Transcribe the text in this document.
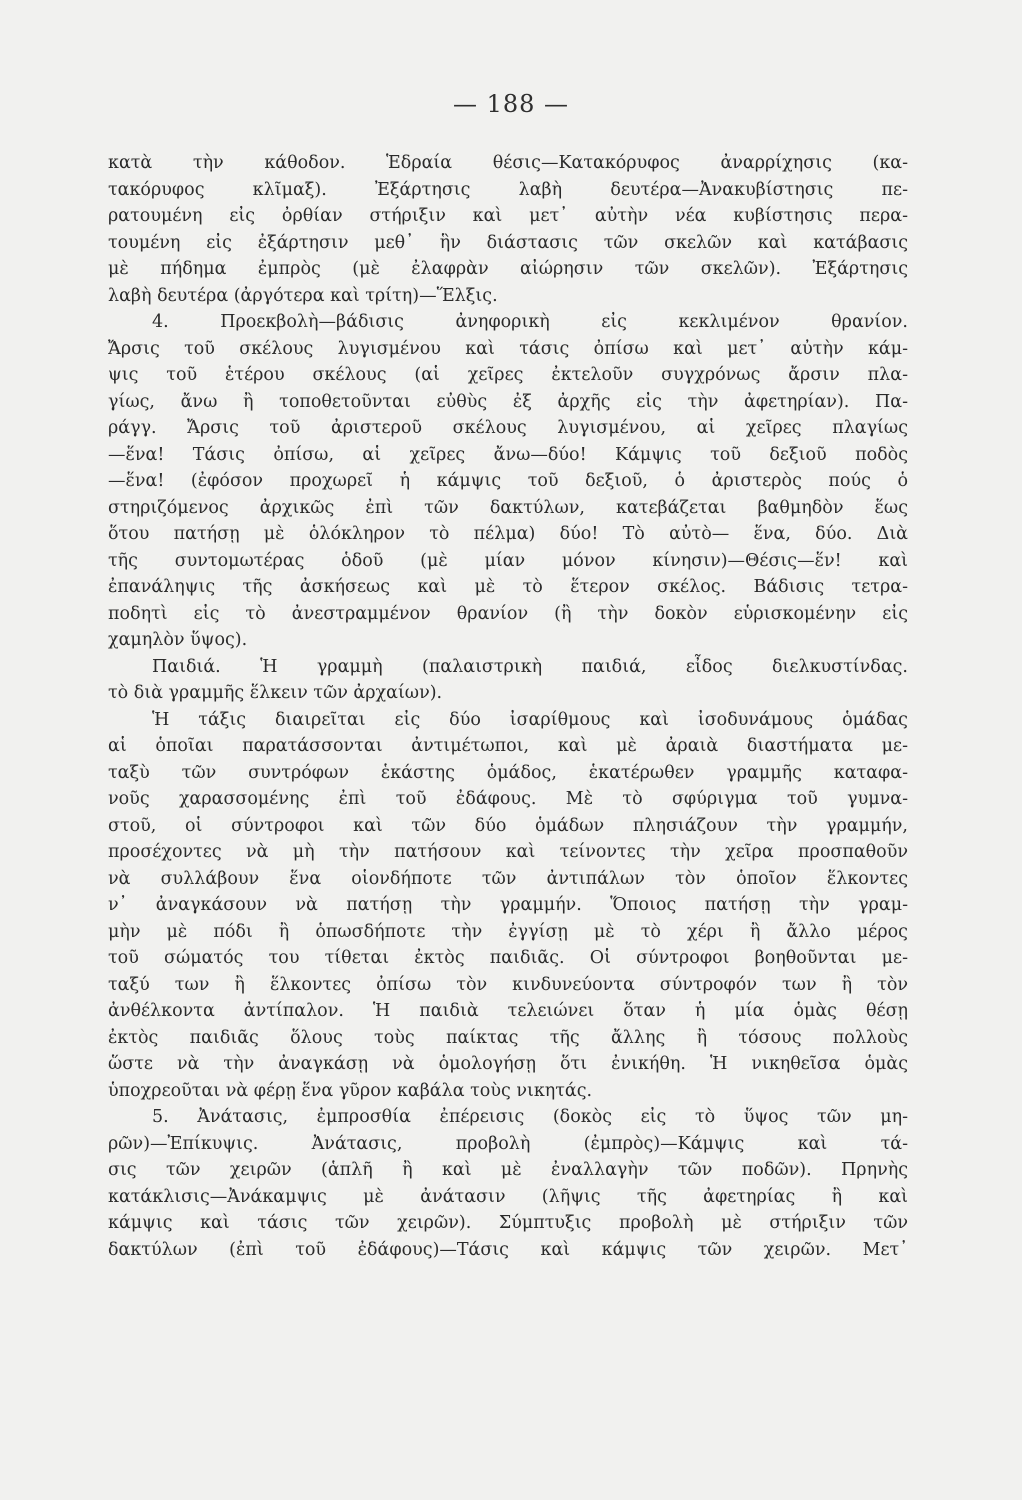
— 188 —
κατὰ τὴν κάθοδον. Ἑδραία θέσις—Κατακόρυφος ἀναρρίχησις (κα-
τακόρυφος κλῖμαξ). Ἐξάρτησις λαβὴ δευτέρα—Ἀνακυβίστησις πε-
ρατουμένη εἰς ὀρθίαν στήριξιν καὶ μετ᾽ αὐτὴν νέα κυβίστησις περα-
τουμένη εἰς ἐξάρτησιν μεθ᾽ ἣν διάστασις τῶν σκελῶν καὶ κατάβασις
μὲ πήδημα ἐμπρὸς (μὲ ἐλαφρὰν αἰώρησιν τῶν σκελῶν). Ἐξάρτησις
λαβὴ δευτέρα (ἀργότερα καὶ τρίτη)—Ἕλξις.
4. Προεκβολὴ—βάδισις ἀνηφορικὴ εἰς κεκλιμένον θρανίον.
Ἄρσις τοῦ σκέλους λυγισμένου καὶ τάσις ὀπίσω καὶ μετ᾽ αὐτὴν κάμ-
ψις τοῦ ἑτέρου σκέλους (αἱ χεῖρες ἐκτελοῦν συγχρόνως ἄρσιν πλα-
γίως, ἄνω ἢ τοποθετοῦνται εὐθὺς ἐξ ἀρχῆς εἰς τὴν ἀφετηρίαν). Πα-
ράγγ. Ἄρσις τοῦ ἀριστεροῦ σκέλους λυγισμένου, αἱ χεῖρες πλαγίως
—ἕνα! Τάσις ὀπίσω, αἱ χεῖρες ἄνω—δύο! Κάμψις τοῦ δεξιοῦ ποδὸς
—ἕνα! (ἐφόσον προχωρεῖ ἡ κάμψις τοῦ δεξιοῦ, ὁ ἀριστερὸς πούς ὁ
στηριζόμενος ἀρχικῶς ἐπὶ τῶν δακτύλων, κατεβάζεται βαθμηδὸν ἕως
ὅτου πατήσῃ μὲ ὁλόκληρον τὸ πέλμα) δύο! Τὸ αὐτὸ— ἕνα, δύο. Διὰ
τῆς συντομωτέρας ὁδοῦ (μὲ μίαν μόνον κίνησιν)—Θέσις—ἕν! καὶ
ἐπανάληψις τῆς ἀσκήσεως καὶ μὲ τὸ ἕτερον σκέλος. Βάδισις τετρα-
ποδητὶ εἰς τὸ ἀνεστραμμένον θρανίον (ἢ τὴν δοκὸν εὑρισκομένην εἰς
χαμηλὸν ὕψος).
Παιδιά. Ἡ γραμμὴ (παλαιστρικὴ παιδιά, εἶδος διελκυστίνδας.
τὸ διὰ γραμμῆς ἕλκειν τῶν ἀρχαίων).
Ἡ τάξις διαιρεῖται εἰς δύο ἰσαρίθμους καὶ ἰσοδυνάμους ὁμάδας
αἱ ὁποῖαι παρατάσσονται ἀντιμέτωποι, καὶ μὲ ἀραιὰ διαστήματα με-
ταξὺ τῶν συντρόφων ἑκάστης ὁμάδος, ἑκατέρωθεν γραμμῆς καταφα-
νοῦς χαρασσομένης ἐπὶ τοῦ ἐδάφους. Μὲ τὸ σφύριγμα τοῦ γυμνα-
στοῦ, οἱ σύντροφοι καὶ τῶν δύο ὁμάδων πλησιάζουν τὴν γραμμήν,
προσέχοντες νὰ μὴ τὴν πατήσουν καὶ τείνοντες τὴν χεῖρα προσπαθοῦν
νὰ συλλάβουν ἕνα οἱονδήποτε τῶν ἀντιπάλων τὸν ὁποῖον ἕλκοντες
ν᾽ ἀναγκάσουν νὰ πατήσῃ τὴν γραμμήν. Ὅποιος πατήσῃ τὴν γραμ-
μὴν μὲ πόδι ἢ ὁπωσδήποτε τὴν ἐγγίσῃ μὲ τὸ χέρι ἢ ἄλλο μέρος
τοῦ σώματός του τίθεται ἐκτὸς παιδιᾶς. Οἱ σύντροφοι βοηθοῦνται με-
ταξύ των ἢ ἕλκοντες ὀπίσω τὸν κινδυνεύοντα σύντροφόν των ἢ τὸν
ἀνθέλκοντα ἀντίπαλον. Ἡ παιδιὰ τελειώνει ὅταν ἡ μία ὁμὰς θέσῃ
ἐκτὸς παιδιᾶς ὅλους τοὺς παίκτας τῆς ἄλλης ἢ τόσους πολλοὺς
ὥστε νὰ τὴν ἀναγκάσῃ νὰ ὁμολογήσῃ ὅτι ἐνικήθη. Ἡ νικηθεῖσα ὁμὰς
ὑποχρεοῦται νὰ φέρῃ ἕνα γῦρον καβάλα τοὺς νικητάς.
5. Ἀνάτασις, ἐμπροσθία ἐπέρεισις (δοκὸς εἰς τὸ ὕψος τῶν μη-
ρῶν)—Ἐπίκυψις. Ἀνάτασις, προβολὴ (ἐμπρὸς)—Κάμψις καὶ τά-
σις τῶν χειρῶν (ἁπλῆ ἢ καὶ μὲ ἐναλλαγὴν τῶν ποδῶν). Πρηνὴς
κατάκλισις—Ἀνάκαμψις μὲ ἀνάτασιν (λῆψις τῆς ἀφετηρίας ἢ καὶ
κάμψις καὶ τάσις τῶν χειρῶν). Σύμπτυξις προβολὴ μὲ στήριξιν τῶν
δακτύλων (ἐπὶ τοῦ ἐδάφους)—Τάσις καὶ κάμψις τῶν χειρῶν. Μετ᾽
